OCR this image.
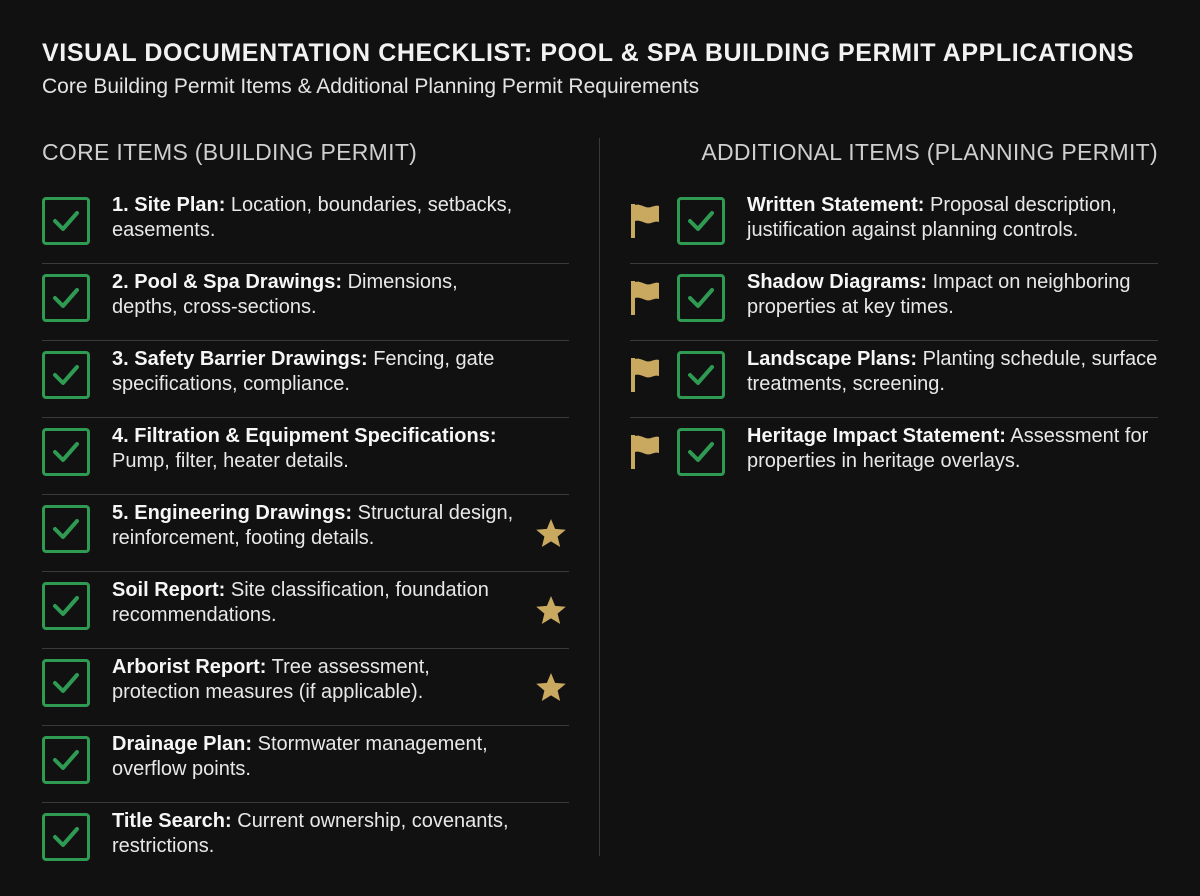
VISUAL DOCUMENTATION CHECKLIST: POOL & SPA BUILDING PERMIT APPLICATIONS
Core Building Permit Items & Additional Planning Permit Requirements
CORE ITEMS (BUILDING PERMIT)
1. Site Plan: Location, boundaries, setbacks, easements.
2. Pool & Spa Drawings: Dimensions, depths, cross-sections.
3. Safety Barrier Drawings: Fencing, gate specifications, compliance.
4. Filtration & Equipment Specifications: Pump, filter, heater details.
5. Engineering Drawings: Structural design, reinforcement, footing details.
Soil Report: Site classification, foundation recommendations.
Arborist Report: Tree assessment, protection measures (if applicable).
Drainage Plan: Stormwater management, overflow points.
Title Search: Current ownership, covenants, restrictions.
ADDITIONAL ITEMS (PLANNING PERMIT)
Written Statement: Proposal description, justification against planning controls.
Shadow Diagrams: Impact on neighboring properties at key times.
Landscape Plans: Planting schedule, surface treatments, screening.
Heritage Impact Statement: Assessment for properties in heritage overlays.
